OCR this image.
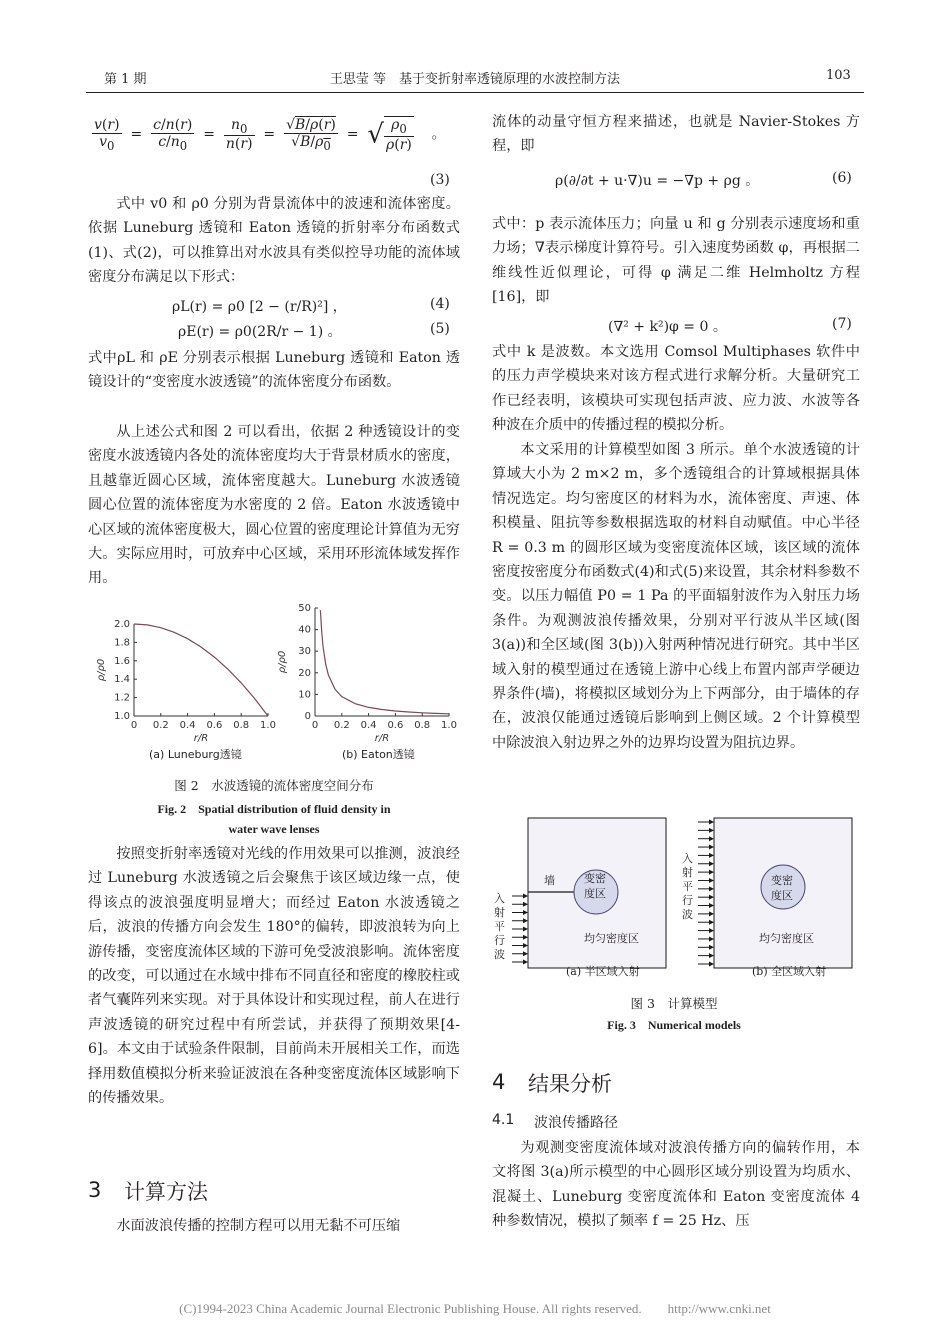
第 1 期	王思莹 等　基于变折射率透镜原理的水波控制方法	103
$\frac{v(r)}{v_0} = \frac{c/n(r)}{c/n_0} = \frac{n_0}{n(r)} = \frac{√B/\rho(r)}{√B/\rho_0}$ =  √ $\frac{\rho_0}{\rho(r)}$ 。
(3)
式中 v0 和 ρ0 分别为背景流体中的波速和流体密度。依据 Luneburg 透镜和 Eaton 透镜的折射率分布函数式(1)、式(2)，可以推算出对水波具有类似控导功能的流体域密度分布满足以下形式：
ρL(r) = ρ0 [2 − (r/R)²] ，	(4)
ρE(r) = ρ0(2R/r − 1) 。	(5)
式中ρL 和 ρE 分别表示根据 Luneburg 透镜和 Eaton 透镜设计的“变密度水波透镜”的流体密度分布函数。
从上述公式和图 2 可以看出，依据 2 种透镜设计的变密度水波透镜内各处的流体密度均大于背景材质水的密度，且越靠近圆心区域，流体密度越大。Luneburg 水波透镜圆心位置的流体密度为水密度的 2 倍。Eaton 水波透镜中心区域的流体密度极大，圆心位置的密度理论计算值为无穷大。实际应用时，可放弃中心区域，采用环形流体域发挥作用。
0 0.2 0.4 0.6 0.8 1.0
1.0
1.2
1.4
1.6
1.8
2.0
r/R
ρ/ρ0
0 0.2 0.4 0.6 0.8 1.0
0
10
20
30
40
50
r/R
ρ/ρ0
(a) Luneburg透镜	(b) Eaton透镜
图 2　水波透镜的流体密度空间分布
Fig. 2　Spatial distribution of fluid density in
water wave lenses
按照变折射率透镜对光线的作用效果可以推测，波浪经过 Luneburg 水波透镜之后会聚焦于该区域边缘一点，使得该点的波浪强度明显增大；而经过 Eaton 水波透镜之后，波浪的传播方向会发生 180°的偏转，即波浪转为向上游传播，变密度流体区域的下游可免受波浪影响。流体密度的改变，可以通过在水域中排布不同直径和密度的橡胶柱或者气囊阵列来实现。对于具体设计和实现过程，前人在进行声波透镜的研究过程中有所尝试，并获得了预期效果[4-6]。本文由于试验条件限制，目前尚未开展相关工作，而选择用数值模拟分析来验证波浪在各种变密度流体区域影响下的传播效果。
3 计算方法
水面波浪传播的控制方程可以用无黏不可压缩
流体的动量守恒方程来描述，也就是 Navier-Stokes 方程，即
ρ(∂/∂t + u·∇)u = −∇p + ρg 。	(6)
式中：p 表示流体压力；向量 u 和 g 分别表示速度场和重力场；∇表示梯度计算符号。引入速度势函数 φ，再根据二维线性近似理论，可得 φ 满足二维 Helmholtz 方程[16]，即
(∇² + k²)φ = 0 。	(7)
式中 k 是波数。本文选用 Comsol Multiphases 软件中的压力声学模块来对该方程式进行求解分析。大量研究工作已经表明，该模块可实现包括声波、应力波、水波等各种波在介质中的传播过程的模拟分析。
本文采用的计算模型如图 3 所示。单个水波透镜的计算域大小为 2 m×2 m，多个透镜组合的计算域根据具体情况选定。均匀密度区的材料为水，流体密度、声速、体积模量、阻抗等参数根据选取的材料自动赋值。中心半径 R = 0.3 m 的圆形区域为变密度流体区域，该区域的流体密度按密度分布函数式(4)和式(5)来设置，其余材料参数不变。以压力幅值 P0 = 1 Pa 的平面辐射波作为入射压力场条件。为观测波浪传播效果，分别对平行波从半区域(图 3(a))和全区域(图 3(b))入射两种情况进行研究。其中半区域入射的模型通过在透镜上游中心线上布置内部声学硬边界条件(墙)，将模拟区域划分为上下两部分，由于墙体的存在，波浪仅能通过透镜后影响到上侧区域。2 个计算模型中除波浪入射边界之外的边界均设置为阻抗边界。
墙	变密
度区
变密
度区
均匀密度区	均匀密度区
入射平行波
入射平行波
(a) 半区域入射	(b) 全区域入射
图 3　计算模型
Fig. 3　Numerical models
4 结果分析
4.1 波浪传播路径
为观测变密度流体域对波浪传播方向的偏转作用，本文将图 3(a)所示模型的中心圆形区域分别设置为均质水、混凝土、Luneburg 变密度流体和 Eaton 变密度流体 4 种参数情况，模拟了频率 f = 25 Hz、压
(C)1994-2023 China Academic Journal Electronic Publishing House. All rights reserved.　　http://www.cnki.net
